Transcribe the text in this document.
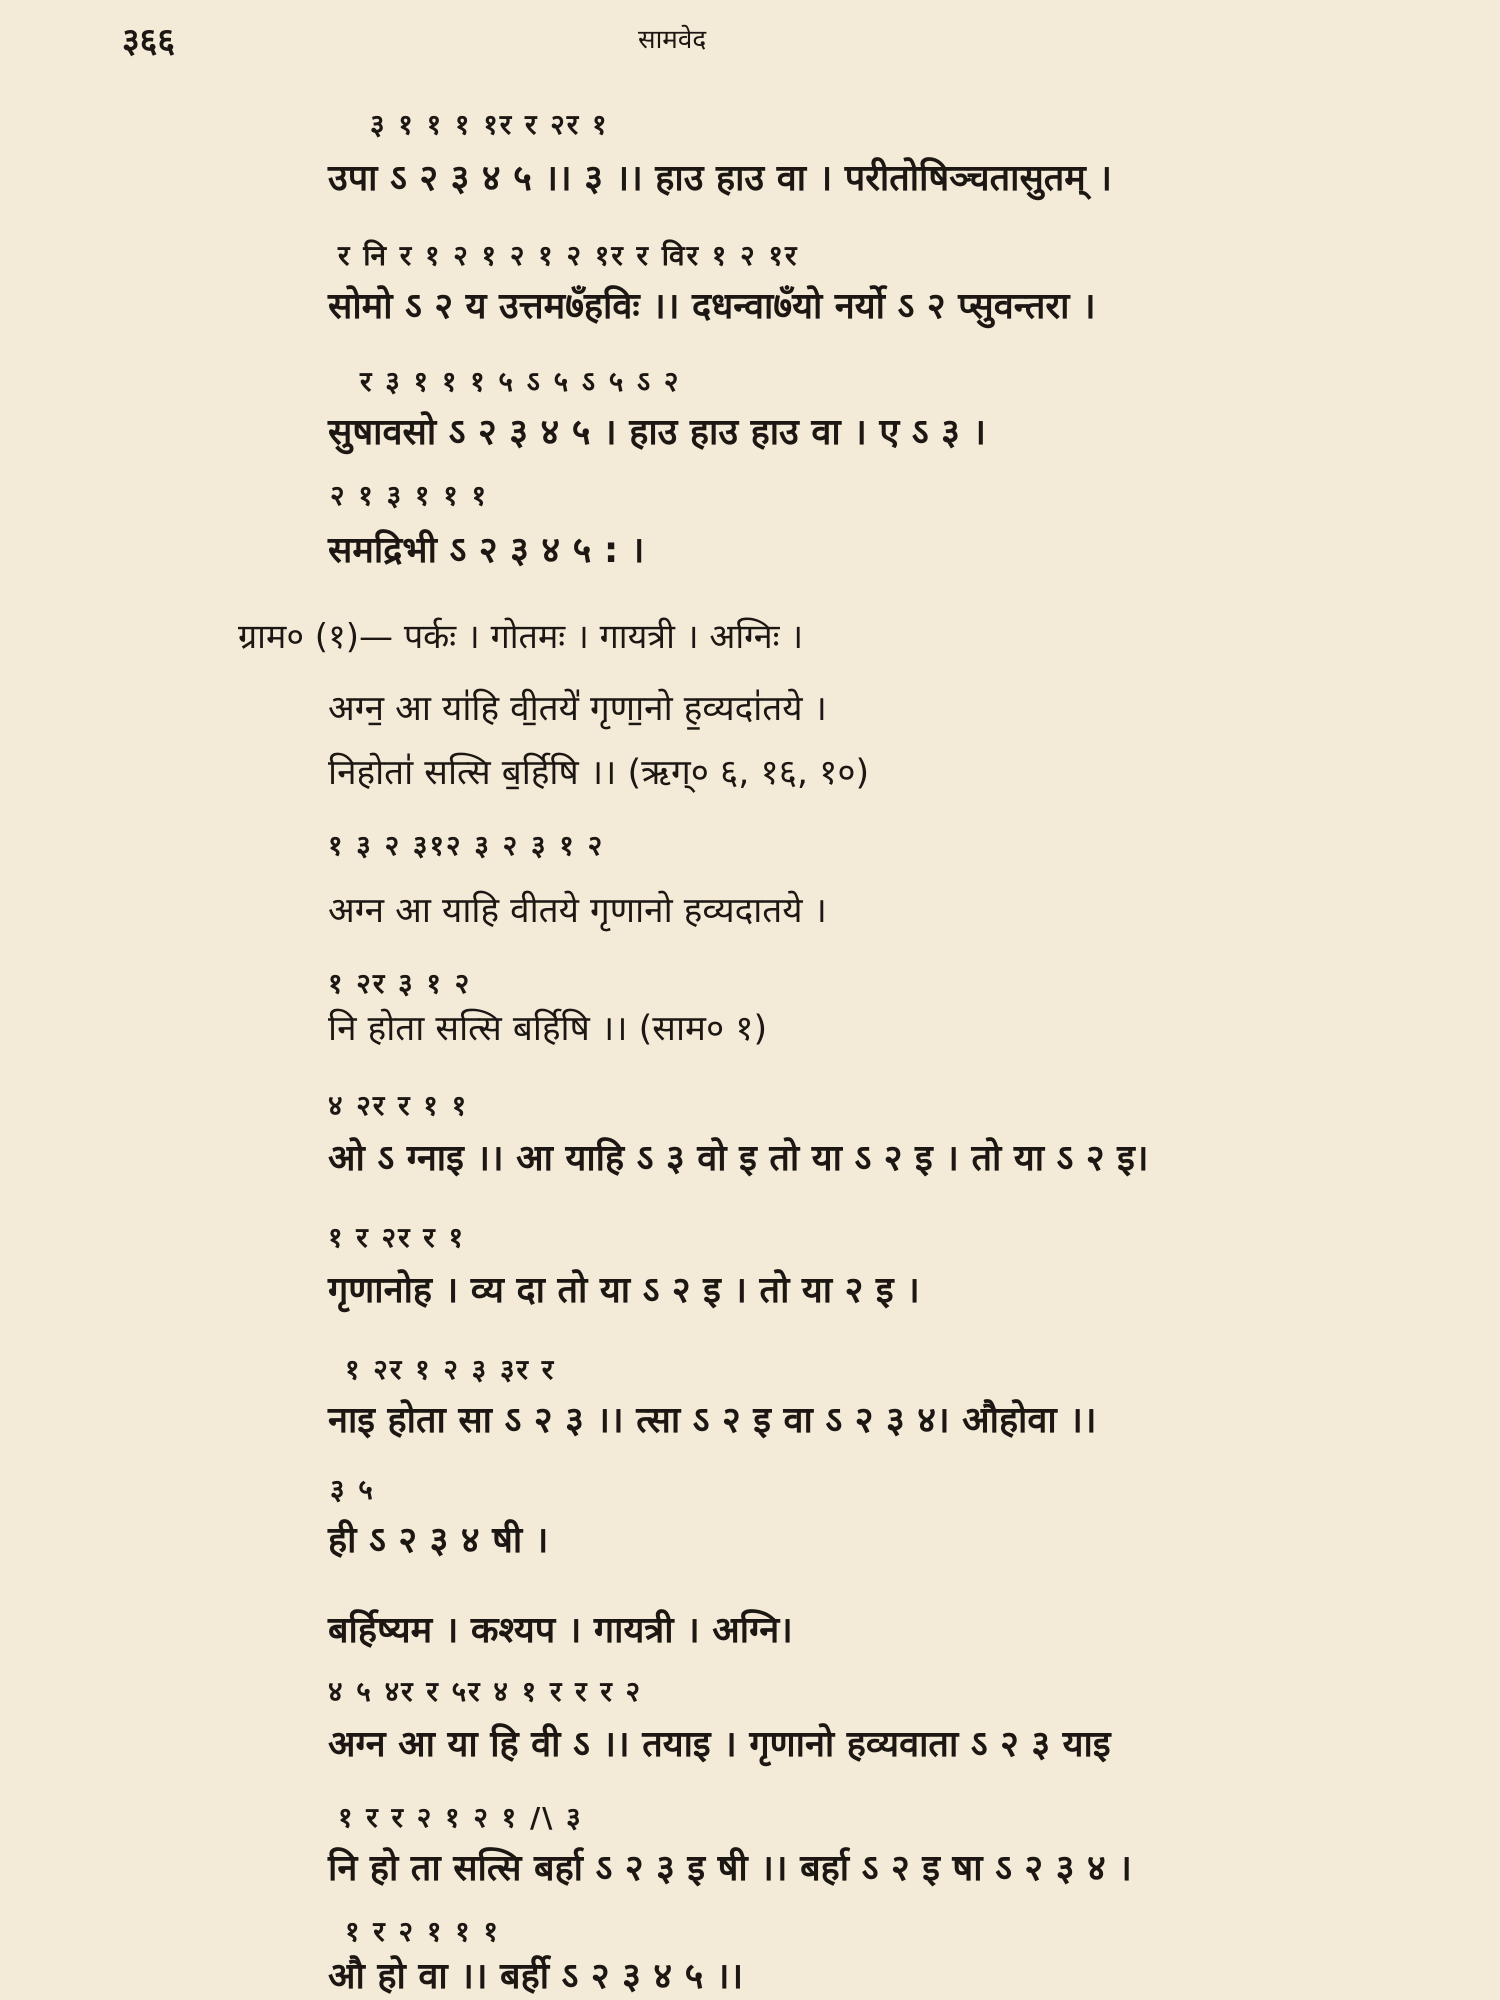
३६६	सामवेद
३ १ १ १ १र र २र १
उपा ऽ २ ३ ४ ५ ।। ३ ।। हाउ हाउ वा । परीतोषिञ्चतासुतम् ।
र नि र १ २ १ २ १ २ १र र विर १ २ १र
सोमो ऽ २ य उत्तम७ँहविः ।। दधन्वा७ँयो नर्यो ऽ २ प्सुवन्तरा ।
र ३ १ १ १ ५ ऽ ५ ऽ ५ ऽ २
सुषावसो ऽ २ ३ ४ ५ । हाउ हाउ हाउ वा । ए ऽ ३ ।
२ १ ३ १ १ १
समद्रिभी ऽ २ ३ ४ ५ : ।
ग्राम० (१)— पर्कः । गोतमः । गायत्री । अग्निः ।
अग्न॒ आ या॑हि वी॒तये॑ गृणा॒नो ह॒व्यदा॑तये ।
निहोता॑ सत्सि ब॒र्हिषि ।। (ऋग्० ६, १६, १०)
१ ३ २ ३१२ ३ २ ३ १ २
अग्न आ याहि वीतये गृणानो हव्यदातये ।
१ २र ३ १ २
नि होता सत्सि बर्हिषि ।। (साम० १)
४ २र र १ १
ओ ऽ ग्नाइ ।। आ याहि ऽ ३ वो इ तो या ऽ २ इ । तो या ऽ २ इ।
१ र २र र १
गृणानोह । व्य दा तो या ऽ २ इ । तो या २ इ ।
१ २र १ २ ३ ३र र
नाइ होता सा ऽ २ ३ ।। त्सा ऽ २ इ वा ऽ २ ३ ४। औहोवा ।।
३ ५
ही ऽ २ ३ ४ षी ।
बर्हिष्यम । कश्यप । गायत्री । अग्नि।
४ ५ ४र र ५र ४ १ र र र २
अग्न आ या हि वी ऽ ।। तयाइ । गृणानो हव्यवाता ऽ २ ३ याइ
१ र र २ १ २ १ /\ ३
नि हो ता सत्सि बर्हा ऽ २ ३ इ षी ।। बर्हा ऽ २ इ षा ऽ २ ३ ४ ।
१ र २ १ १ १
औ हो वा ।। बर्ही ऽ २ ३ ४ ५ ।।
